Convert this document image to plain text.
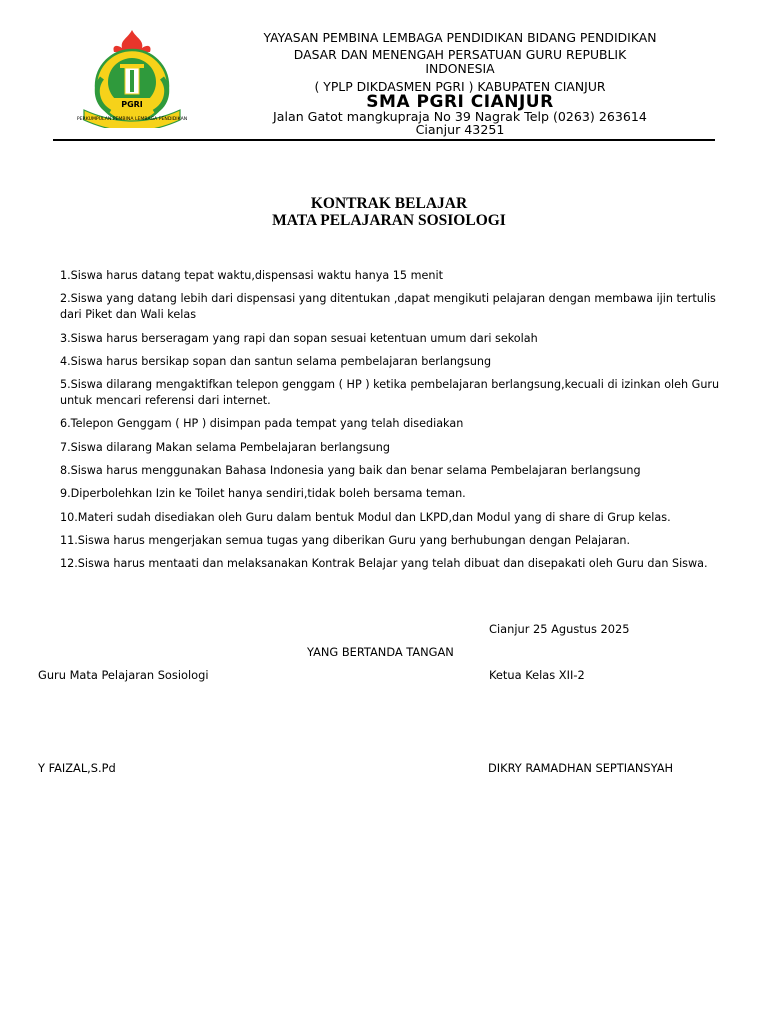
PERKUMPULAN PEMBINA LEMBAGA PENDIDIKAN
PGRI
YAYASAN PEMBINA LEMBAGA PENDIDIKAN BIDANG PENDIDIKAN
DASAR DAN MENENGAH PERSATUAN GURU REPUBLIK
INDONESIA
( YPLP DIKDASMEN PGRI ) KABUPATEN CIANJUR
SMA PGRI CIANJUR
Jalan Gatot mangkupraja No 39 Nagrak Telp (0263) 263614
Cianjur 43251
KONTRAK BELAJAR
MATA PELAJARAN SOSIOLOGI
1.Siswa harus datang tepat waktu,dispensasi waktu hanya 15 menit
2.Siswa yang datang lebih dari dispensasi yang ditentukan ,dapat mengikuti pelajaran dengan membawa ijin tertulis dari Piket dan Wali kelas
3.Siswa harus berseragam yang rapi dan sopan sesuai ketentuan umum dari sekolah
4.Siswa harus bersikap sopan dan santun selama pembelajaran berlangsung
5.Siswa dilarang mengaktifkan telepon genggam ( HP ) ketika pembelajaran berlangsung,kecuali di izinkan oleh Guru untuk mencari referensi dari internet.
6.Telepon Genggam ( HP ) disimpan pada tempat yang telah disediakan
7.Siswa dilarang Makan selama Pembelajaran berlangsung
8.Siswa harus menggunakan Bahasa Indonesia yang baik dan benar selama Pembelajaran berlangsung
9.Diperbolehkan Izin ke Toilet hanya sendiri,tidak boleh bersama teman.
10.Materi sudah disediakan oleh Guru dalam bentuk Modul dan LKPD,dan Modul yang di share di Grup kelas.
11.Siswa harus mengerjakan semua tugas yang diberikan Guru yang berhubungan dengan Pelajaran.
12.Siswa harus mentaati dan melaksanakan Kontrak Belajar yang telah dibuat dan disepakati oleh Guru dan Siswa.
Cianjur 25 Agustus 2025
YANG BERTANDA TANGAN
Guru Mata Pelajaran Sosiologi	Ketua Kelas XII-2
Y FAIZAL,S.Pd	DIKRY RAMADHAN SEPTIANSYAH
